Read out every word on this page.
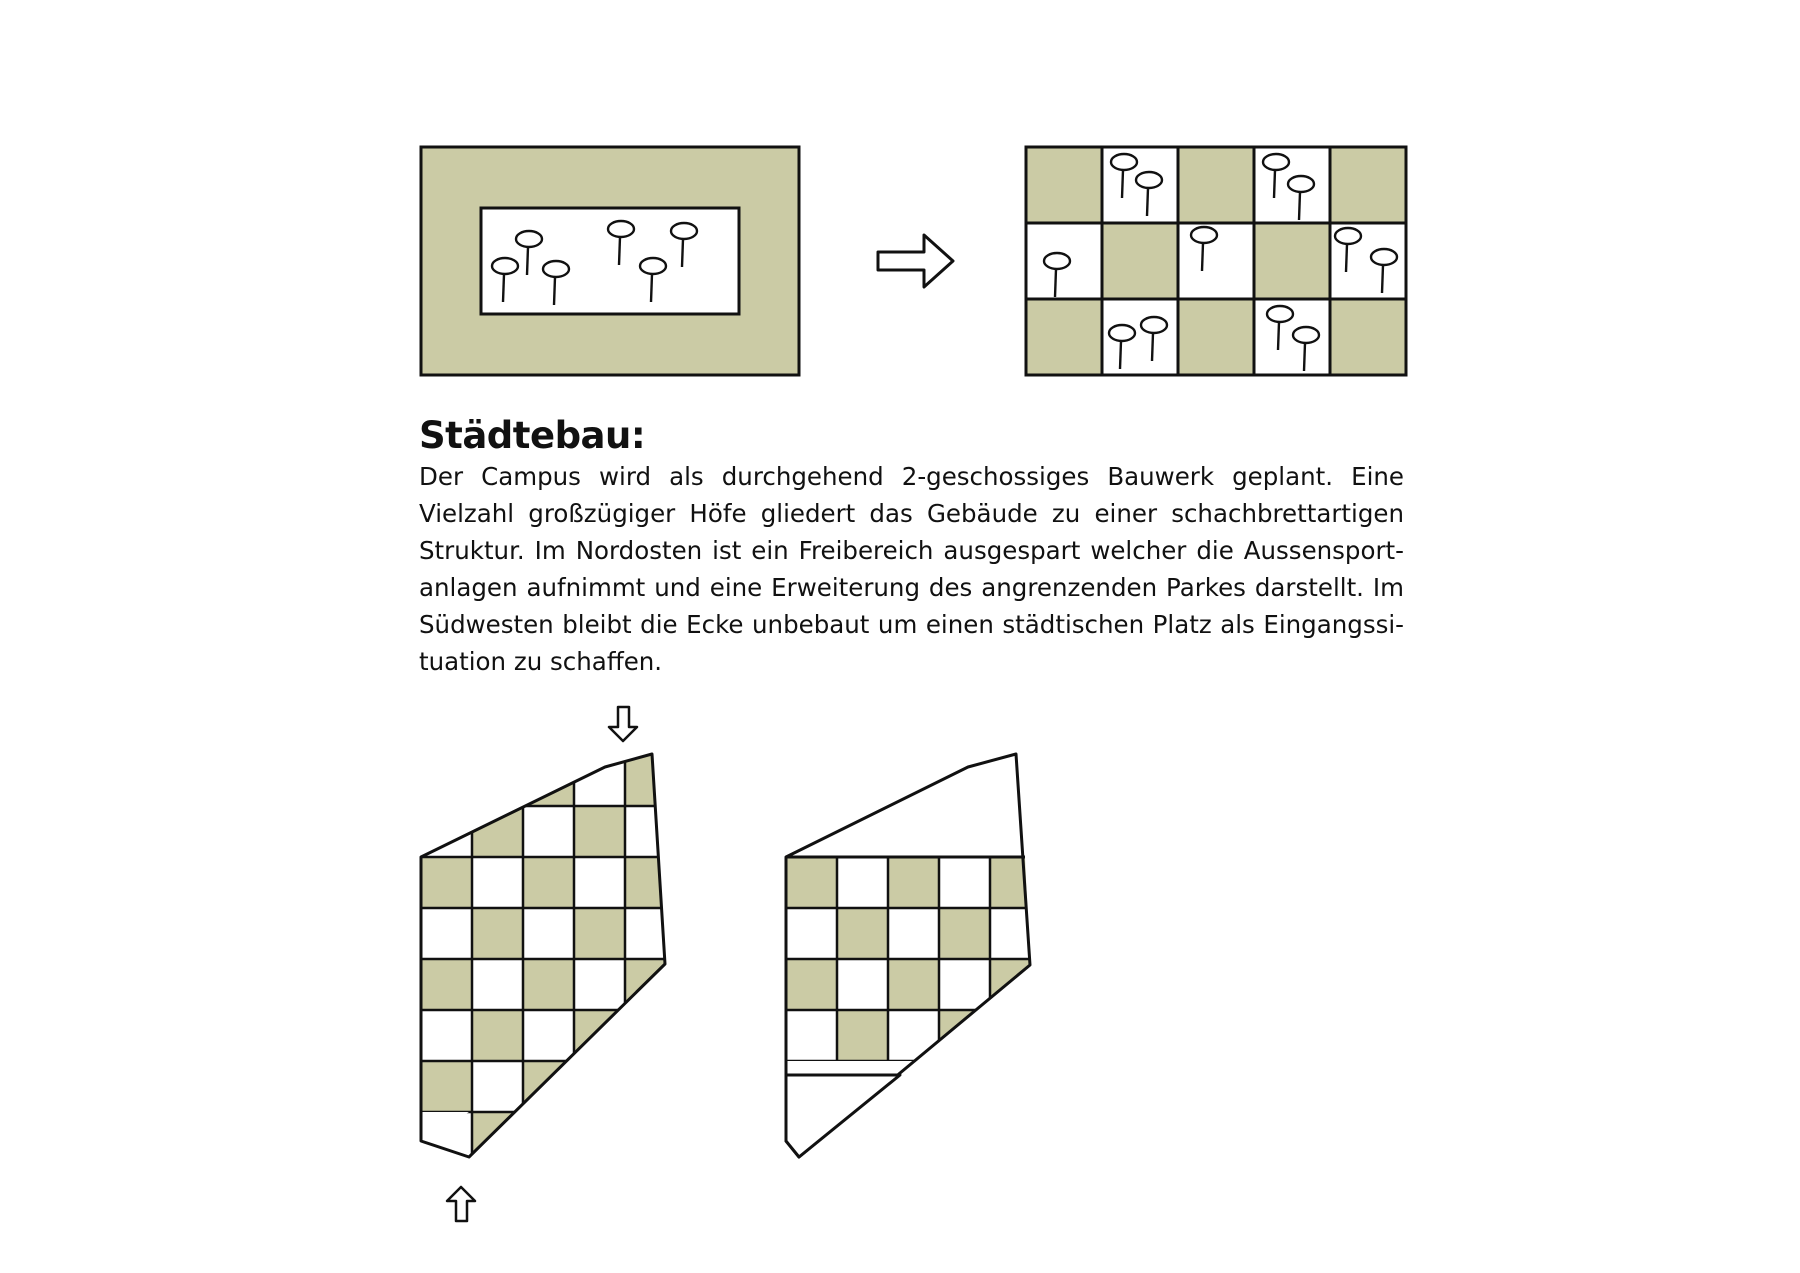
Städtebau:

Der Campus wird als durchgehend 2-geschossiges Bauwerk geplant. Eine
Vielzahl großzügiger Höfe gliedert das Gebäude zu einer schachbrettartigen
Struktur. Im Nordosten ist ein Freibereich ausgespart welcher die Aussensport-
anlagen aufnimmt und eine Erweiterung des angrenzenden Parkes darstellt. Im
Südwesten bleibt die Ecke unbebaut um einen städtischen Platz als Eingangssi-
tuation zu schaffen.
